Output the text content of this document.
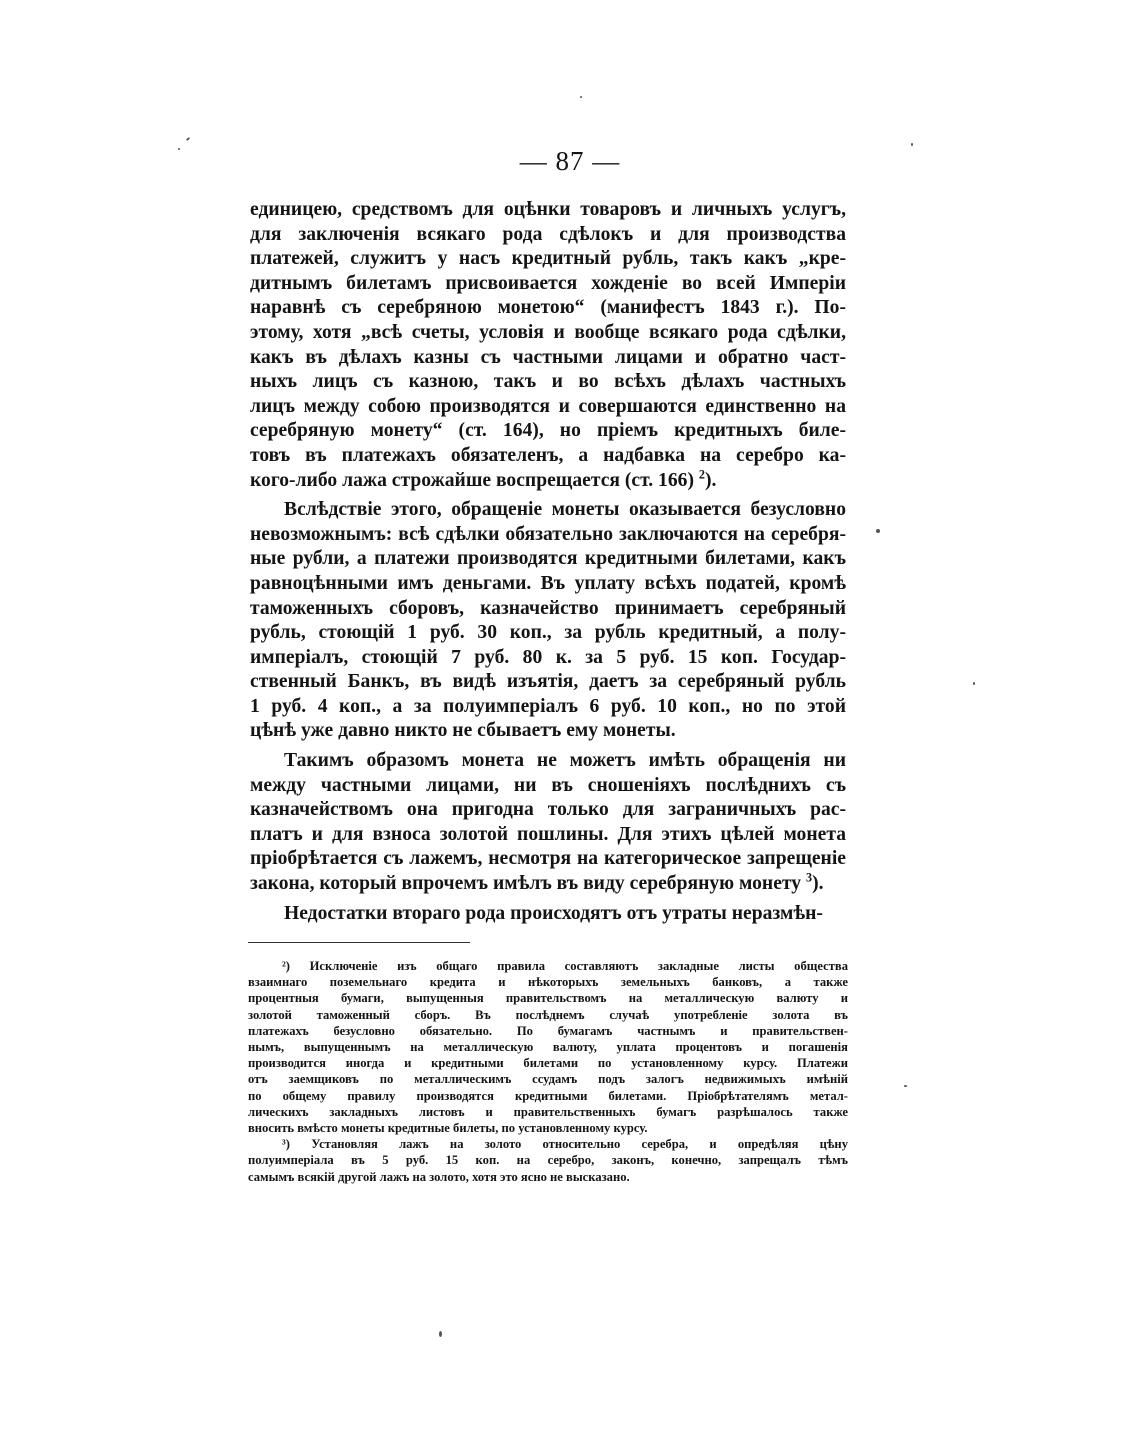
— 87 —
единицею, средствомъ для оцѣнки товаровъ и личныхъ услугъ,
для заключенія всякаго рода сдѣлокъ и для производства
платежей, служитъ у насъ кредитный рубль, такъ какъ „кре-
дитнымъ билетамъ присвоивается хожденіе во всей Имперіи
наравнѣ съ серебряною монетою“ (манифестъ 1843 г.). По-
этому, хотя „всѣ счеты, условія и вообще всякаго рода сдѣлки,
какъ въ дѣлахъ казны съ частными лицами и обратно част-
ныхъ лицъ съ казною, такъ и во всѣхъ дѣлахъ частныхъ
лицъ между собою производятся и совершаются единственно на
серебряную монету“ (ст. 164), но пріемъ кредитныхъ биле-
товъ въ платежахъ обязателенъ, а надбавка на серебро ка-
кого-либо лажа строжайше воспрещается (ст. 166) $^2$).
Вслѣдствіе этого, обращеніе монеты оказывается безусловно
невозможнымъ: всѣ сдѣлки обязательно заключаются на серебря-
ные рубли, а платежи производятся кредитными билетами, какъ
равноцѣнными имъ деньгами. Въ уплату всѣхъ податей, кромѣ
таможенныхъ сборовъ, казначейство принимаетъ серебряный
рубль, стоющій 1 руб. 30 коп., за рубль кредитный, а полу-
имперіалъ, стоющій 7 руб. 80 к. за 5 руб. 15 коп. Государ-
ственный Банкъ, въ видѣ изъятія, даетъ за серебряный рубль
1 руб. 4 коп., а за полуимперіалъ 6 руб. 10 коп., но по этой
цѣнѣ уже давно никто не сбываетъ ему монеты.
Такимъ образомъ монета не можетъ имѣть обращенія ни
между частными лицами, ни въ сношеніяхъ послѣднихъ съ
казначействомъ она пригодна только для заграничныхъ рас-
платъ и для взноса золотой пошлины. Для этихъ цѣлей монета
пріобрѣтается съ лажемъ, несмотря на категорическое запрещеніе
закона, который впрочемъ имѣлъ въ виду серебряную монету $^3$).
Недостатки втораго рода происходятъ отъ утраты неразмѣн-
²) Исключеніе изъ общаго правила составляютъ закладные листы общества
взаимнаго поземельнаго кредита и нѣкоторыхъ земельныхъ банковъ, а также
процентныя бумаги, выпущенныя правительствомъ на металлическую валюту и
золотой таможенный сборъ. Въ послѣднемъ случаѣ употребленіе золота въ
платежахъ безусловно обязательно. По бумагамъ частнымъ и правительствен-
нымъ, выпущеннымъ на металлическую валюту, уплата процентовъ и погашенія
производится иногда и кредитными билетами по установленному курсу. Платежи
отъ заемщиковъ по металлическимъ ссудамъ подъ залогъ недвижимыхъ имѣній
по общему правилу производятся кредитными билетами. Пріобрѣтателямъ метал-
лическихъ закладныхъ листовъ и правительственныхъ бумагъ разрѣшалось также
вносить вмѣсто монеты кредитные билеты, по установленному курсу.
³) Установляя лажъ на золото относительно серебра, и опредѣляя цѣну
полуимперіала въ 5 руб. 15 коп. на серебро, законъ, конечно, запрещалъ тѣмъ
самымъ всякій другой лажъ на золото, хотя это ясно не высказано.
